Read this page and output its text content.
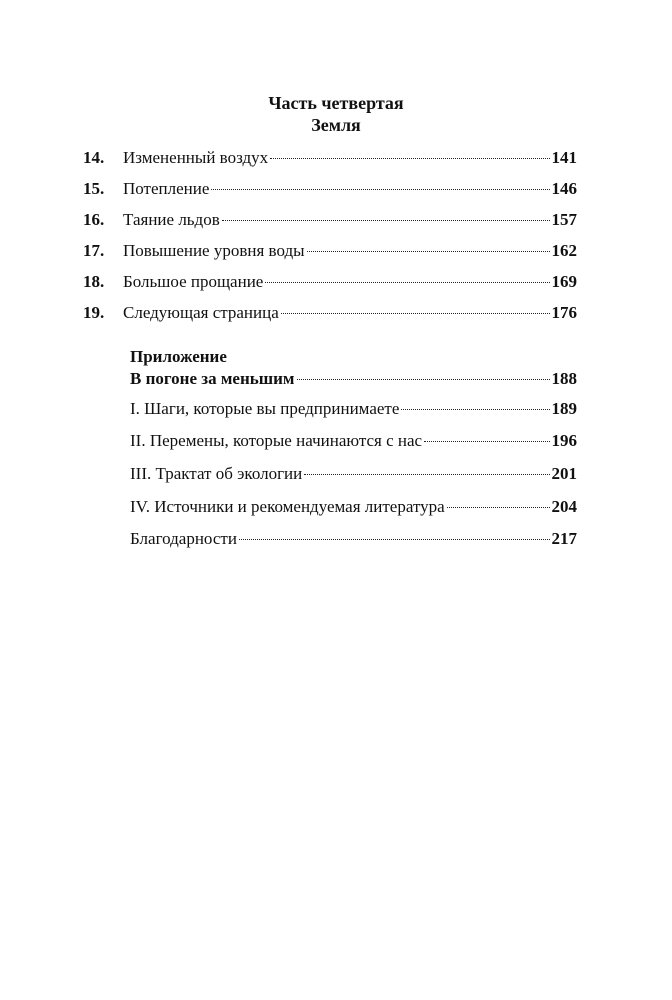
Часть четвертая
Земля
14.	Измененный воздух	141
15.	Потепление	146
16.	Таяние льдов	157
17.	Повышение уровня воды	162
18.	Большое прощание	169
19.	Следующая страница	176
Приложение
В погоне за меньшим	188
I. Шаги, которые вы предпринимаете	189
II. Перемены, которые начинаются с нас	196
III. Трактат об экологии	201
IV. Источники и рекомендуемая литература	204
Благодарности	217
